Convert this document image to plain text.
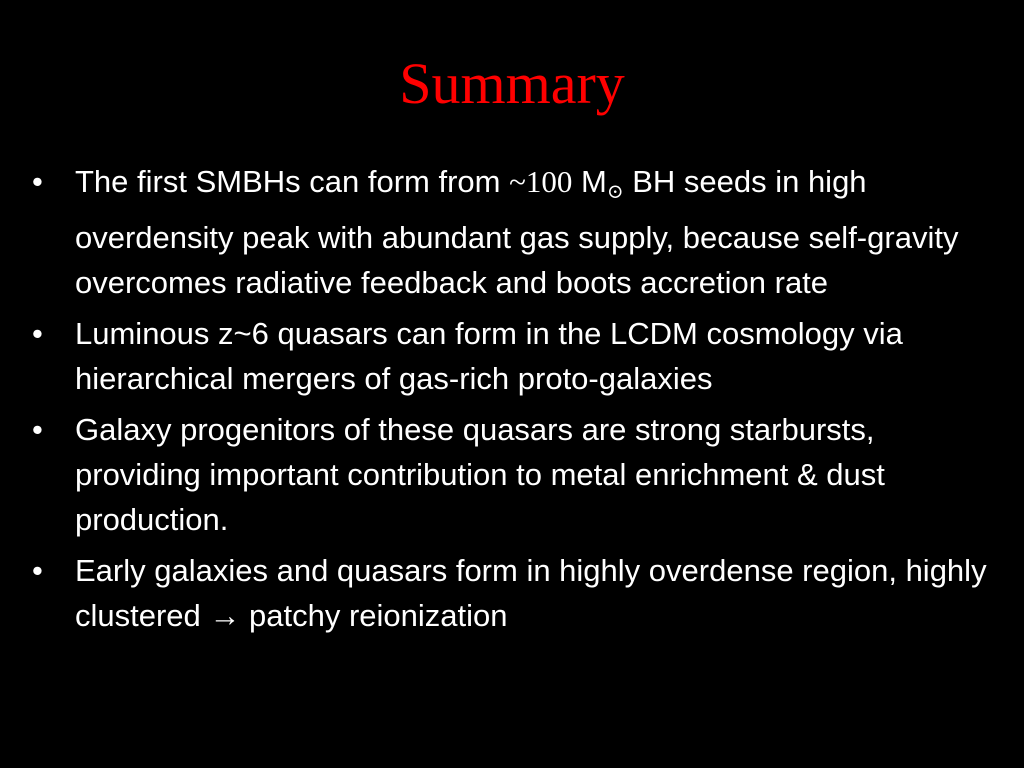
Summary
• The first SMBHs can form from ~100 M⊙ BH seeds in high overdensity peak with abundant gas supply, because self-gravity overcomes radiative feedback and boots accretion rate
• Luminous z~6 quasars can form in the LCDM cosmology via hierarchical mergers of gas-rich proto-galaxies
• Galaxy progenitors of these quasars are strong starbursts, providing important contribution to metal enrichment & dust production.
• Early galaxies and quasars form in highly overdense region, highly clustered → patchy reionization
